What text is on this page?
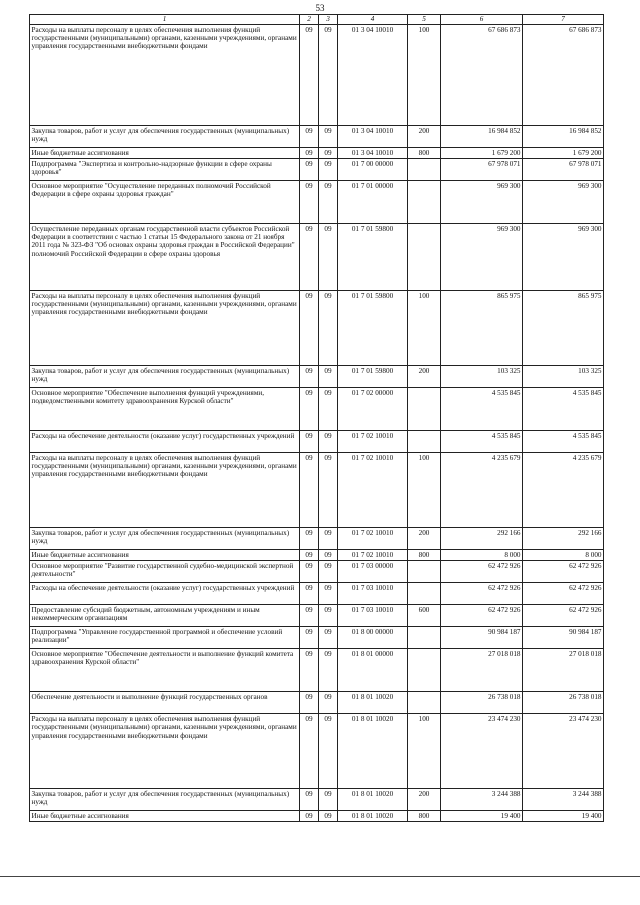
53
1	2	3	4	5	6	7
Расходы на выплаты персоналу в целях обеспечения выполнения функций государственными (муниципальными) органами, казенными учреждениями, органами управления государственными внебюджетными фондами	09	09	01 3 04 10010	100	67 686 873	67 686 873
Закупка товаров, работ и услуг для обеспечения государственных (муниципальных) нужд	09	09	01 3 04 10010	200	16 984 852	16 984 852
Иные бюджетные ассигнования	09	09	01 3 04 10010	800	1 679 200	1 679 200
Подпрограмма "Экспертиза и контрольно-надзорные функции в сфере охраны здоровья"	09	09	01 7 00 00000		67 978 071	67 978 071
Основное мероприятие "Осуществление переданных полномочий Российской Федерации в сфере охраны здоровья граждан"	09	09	01 7 01 00000		969 300	969 300
Осуществление переданных органам государственной власти субъектов Российской Федерации в соответствии с частью 1 статьи 15 Федерального закона от 21 ноября 2011 года № 323-ФЗ "Об основах охраны здоровья граждан в Российской Федерации" полномочий Российской Федерации в сфере охраны здоровья	09	09	01 7 01 59800		969 300	969 300
Расходы на выплаты персоналу в целях обеспечения выполнения функций государственными (муниципальными) органами, казенными учреждениями, органами управления государственными внебюджетными фондами	09	09	01 7 01 59800	100	865 975	865 975
Закупка товаров, работ и услуг для обеспечения государственных (муниципальных) нужд	09	09	01 7 01 59800	200	103 325	103 325
Основное мероприятие "Обеспечение выполнения функций учреждениями, подведомственными комитету здравоохранения Курской области"	09	09	01 7 02 00000		4 535 845	4 535 845
Расходы на обеспечение деятельности (оказание услуг) государственных учреждений	09	09	01 7 02 10010		4 535 845	4 535 845
Расходы на выплаты персоналу в целях обеспечения выполнения функций государственными (муниципальными) органами, казенными учреждениями, органами управления государственными внебюджетными фондами	09	09	01 7 02 10010	100	4 235 679	4 235 679
Закупка товаров, работ и услуг для обеспечения государственных (муниципальных) нужд	09	09	01 7 02 10010	200	292 166	292 166
Иные бюджетные ассигнования	09	09	01 7 02 10010	800	8 000	8 000
Основное мероприятие "Развитие государственной судебно-медицинской экспертной деятельности"	09	09	01 7 03 00000		62 472 926	62 472 926
Расходы на обеспечение деятельности (оказание услуг) государственных учреждений	09	09	01 7 03 10010		62 472 926	62 472 926
Предоставление субсидий бюджетным, автономным учреждениям и иным некоммерческим организациям	09	09	01 7 03 10010	600	62 472 926	62 472 926
Подпрограмма "Управление государственной программой и обеспечение условий реализации"	09	09	01 8 00 00000		90 984 187	90 984 187
Основное мероприятие "Обеспечение деятельности и выполнение функций комитета здравоохранения Курской области"	09	09	01 8 01 00000		27 018 018	27 018 018
Обеспечение деятельности и выполнение функций государственных органов	09	09	01 8 01 10020		26 738 018	26 738 018
Расходы на выплаты персоналу в целях обеспечения выполнения функций государственными (муниципальными) органами, казенными учреждениями, органами управления государственными внебюджетными фондами	09	09	01 8 01 10020	100	23 474 230	23 474 230
Закупка товаров, работ и услуг для обеспечения государственных (муниципальных) нужд	09	09	01 8 01 10020	200	3 244 388	3 244 388
Иные бюджетные ассигнования	09	09	01 8 01 10020	800	19 400	19 400
